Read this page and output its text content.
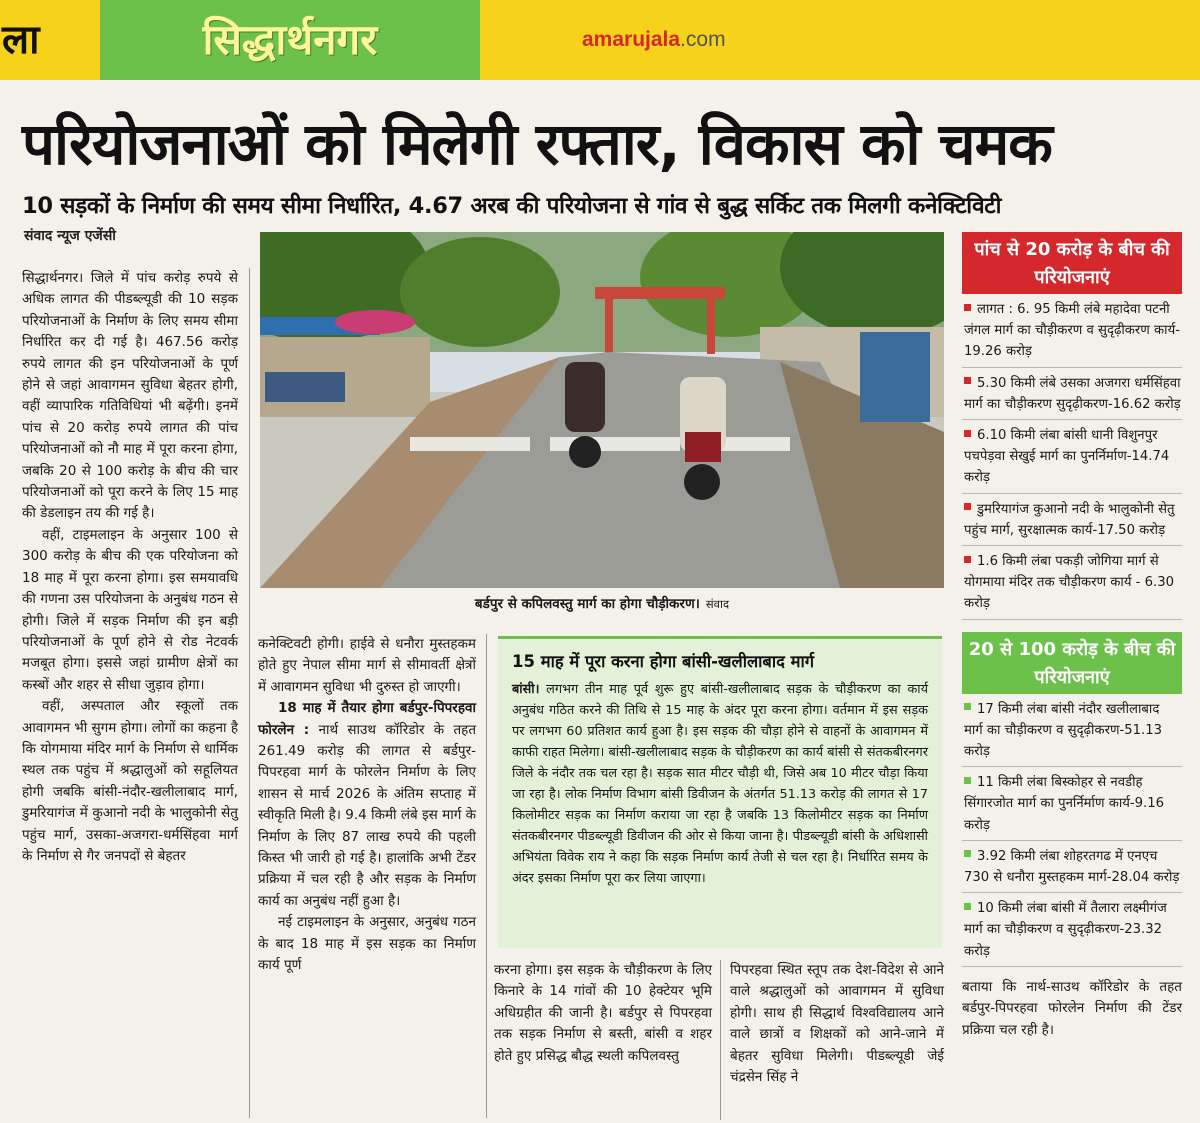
ला	सिद्धार्थनगर	amarujala.com
परियोजनाओं को मिलेगी रफ्तार, विकास को चमक
10 सड़कों के निर्माण की समय सीमा निर्धारित, 4.67 अरब की परियोजना से गांव से बुद्ध सर्किट तक मिलगी कनेक्टिविटी
संवाद न्यूज एजेंसी

सिद्धार्थनगर। जिले में पांच करोड़ रुपये से अधिक लागत की पीडब्ल्यूडी की 10 सड़क परियोजनाओं के निर्माण के लिए समय सीमा निर्धारित कर दी गई है। 467.56 करोड़ रुपये लागत की इन परियोजनाओं के पूर्ण होने से जहां आवागमन सुविधा बेहतर होगी, वहीं व्यापारिक गतिविधियां भी बढ़ेंगी। इनमें पांच से 20 करोड़ रुपये लागत की पांच परियोजनाओं को नौ माह में पूरा करना होगा, जबकि 20 से 100 करोड़ के बीच की चार परियोजनाओं को पूरा करने के लिए 15 माह की डेडलाइन तय की गई है।

वहीं, टाइमलाइन के अनुसार 100 से 300 करोड़ के बीच की एक परियोजना को 18 माह में पूरा करना होगा। इस समयावधि की गणना उस परियोजना के अनुबंध गठन से होगी। जिले में सड़क निर्माण की इन बड़ी परियोजनाओं के पूर्ण होने से रोड नेटवर्क मजबूत होगा। इससे जहां ग्रामीण क्षेत्रों का कस्बों और शहर से सीधा जुड़ाव होगा।

वहीं, अस्पताल और स्कूलों तक आवागमन भी सुगम होगा। लोगों का कहना है कि योगमाया मंदिर मार्ग के निर्माण से धार्मिक स्थल तक पहुंच में श्रद्धालुओं को सहूलियत होगी जबकि बांसी-नंदौर-खलीलाबाद मार्ग, डुमरियागंज में कुआनो नदी के भालुकोनी सेतु पहुंच मार्ग, उसका-अजगरा-धर्मसिंहवा मार्ग के निर्माण से गैर जनपदों से बेहतर

बर्डपुर से कपिलवस्तु मार्ग का होगा चौड़ीकरण। संवाद

कनेक्टिवटी होगी। हाईवे से धनौरा मुस्तहकम होते हुए नेपाल सीमा मार्ग से सीमावर्ती क्षेत्रों में आवागमन सुविधा भी दुरुस्त हो जाएगी।

18 माह में तैयार होगा बर्डपुर-पिपरहवा फोरलेन : नार्थ साउथ कॉरिडोर के तहत 261.49 करोड़ की लागत से बर्डपुर-पिपरहवा मार्ग के फोरलेन निर्माण के लिए शासन से मार्च 2026 के अंतिम सप्ताह में स्वीकृति मिली है। 9.4 किमी लंबे इस मार्ग के निर्माण के लिए 87 लाख रुपये की पहली किस्त भी जारी हो गई है। हालांकि अभी टेंडर प्रक्रिया में चल रही है और सड़क के निर्माण कार्य का अनुबंध नहीं हुआ है।

नई टाइमलाइन के अनुसार, अनुबंध गठन के बाद 18 माह में इस सड़क का निर्माण कार्य पूर्ण

15 माह में पूरा करना होगा बांसी-खलीलाबाद मार्ग
बांसी। लगभग तीन माह पूर्व शुरू हुए बांसी-खलीलाबाद सड़क के चौड़ीकरण का कार्य अनुबंध गठित करने की तिथि से 15 माह के अंदर पूरा करना होगा। वर्तमान में इस सड़क पर लगभग 60 प्रतिशत कार्य हुआ है। इस सड़क की चौड़ा होने से वाहनों के आवागमन में काफी राहत मिलेगा। बांसी-खलीलाबाद सड़क के चौड़ीकरण का कार्य बांसी से संतकबीरनगर जिले के नंदौर तक चल रहा है। सड़क सात मीटर चौड़ी थी, जिसे अब 10 मीटर चौड़ा किया जा रहा है। लोक निर्माण विभाग बांसी डिवीजन के अंतर्गत 51.13 करोड़ की लागत से 17 किलोमीटर सड़क का निर्माण कराया जा रहा है जबकि 13 किलोमीटर सड़क का निर्माण संतकबीरनगर पीडब्ल्यूडी डिवीजन की ओर से किया जाना है। पीडब्ल्यूडी बांसी के अधिशासी अभियंता विवेक राय ने कहा कि सड़क निर्माण कार्य तेजी से चल रहा है। निर्धारित समय के अंदर इसका निर्माण पूरा कर लिया जाएगा।

करना होगा। इस सड़क के चौड़ीकरण के लिए किनारे के 14 गांवों की 10 हेक्टेयर भूमि अधिग्रहीत की जानी है। बर्डपुर से पिपरहवा तक सड़क निर्माण से बस्ती, बांसी व शहर होते हुए प्रसिद्ध बौद्ध स्थली कपिलवस्तु

पिपरहवा स्थित स्तूप तक देश-विदेश से आने वाले श्रद्धालुओं को आवागमन में सुविधा होगी। साथ ही सिद्धार्थ विश्वविद्यालय आने वाले छात्रों व शिक्षकों को आने-जाने में बेहतर सुविधा मिलेगी। पीडब्ल्यूडी जेई चंद्रसेन सिंह ने

पांच से 20 करोड़ के बीच की परियोजनाएं
लागत : 6. 95 किमी लंबे महादेवा पटनी जंगल मार्ग का चौड़ीकरण व सुदृढ़ीकरण कार्य- 19.26 करोड़
5.30 किमी लंबे उसका अजगरा धर्मसिंहवा मार्ग का चौड़ीकरण सुदृढ़ीकरण-16.62 करोड़
6.10 किमी लंबा बांसी धानी विशुनपुर पचपेड़वा सेखुई मार्ग का पुनर्निर्माण-14.74 करोड़
डुमरियागंज कुआनो नदी के भालुकोनी सेतु पहुंच मार्ग, सुरक्षात्मक कार्य-17.50 करोड़
1.6 किमी लंबा पकड़ी जोगिया मार्ग से योगमाया मंदिर तक चौड़ीकरण कार्य - 6.30 करोड़
20 से 100 करोड़ के बीच की परियोजनाएं
17 किमी लंबा बांसी नंदौर खलीलाबाद मार्ग का चौड़ीकरण व सुदृढ़ीकरण-51.13 करोड़
11 किमी लंबा बिस्कोहर से नवडीह सिंगारजोत मार्ग का पुनर्निर्माण कार्य-9.16 करोड़
3.92 किमी लंबा शोहरतगढ में एनएच 730 से धनौरा मुस्तहकम मार्ग-28.04 करोड़
10 किमी लंबा बांसी में तैलारा लक्ष्मीगंज मार्ग का चौड़ीकरण व सुदृढ़ीकरण-23.32 करोड़
बताया कि नार्थ-साउथ कॉरिडोर के तहत बर्डपुर-पिपरहवा फोरलेन निर्माण की टेंडर प्रक्रिया चल रही है।
